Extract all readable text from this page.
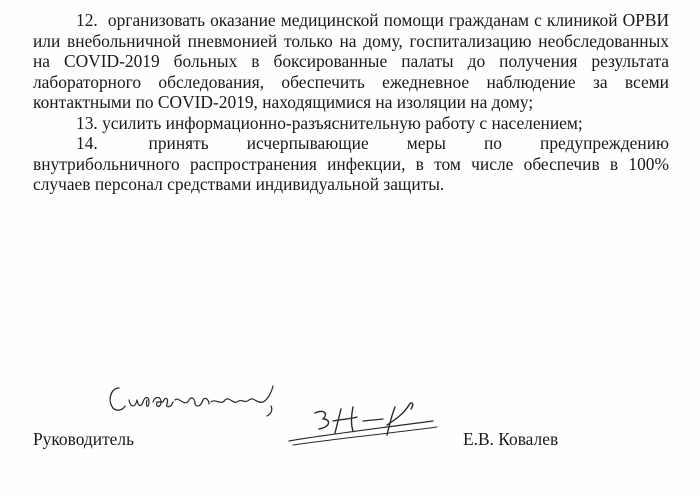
12.  организовать оказание медицинской помощи гражданам с клиникой ОРВИ или внебольничной пневмонией только на дому, госпитализацию необследованных на COVID-2019 больных в боксированные палаты до получения результата лабораторного обследования, обеспечить ежедневное наблюдение за всеми контактными по COVID-2019, находящимися на изоляции на дому;

13. усилить информационно-разъяснительную работу с населением;

14.    принять   исчерпывающие   меры   по   предупреждению внутрибольничного распространения инфекции, в том числе обеспечив в 100% случаев персонал средствами индивидуальной защиты.

Руководитель	Е.В. Ковалев
